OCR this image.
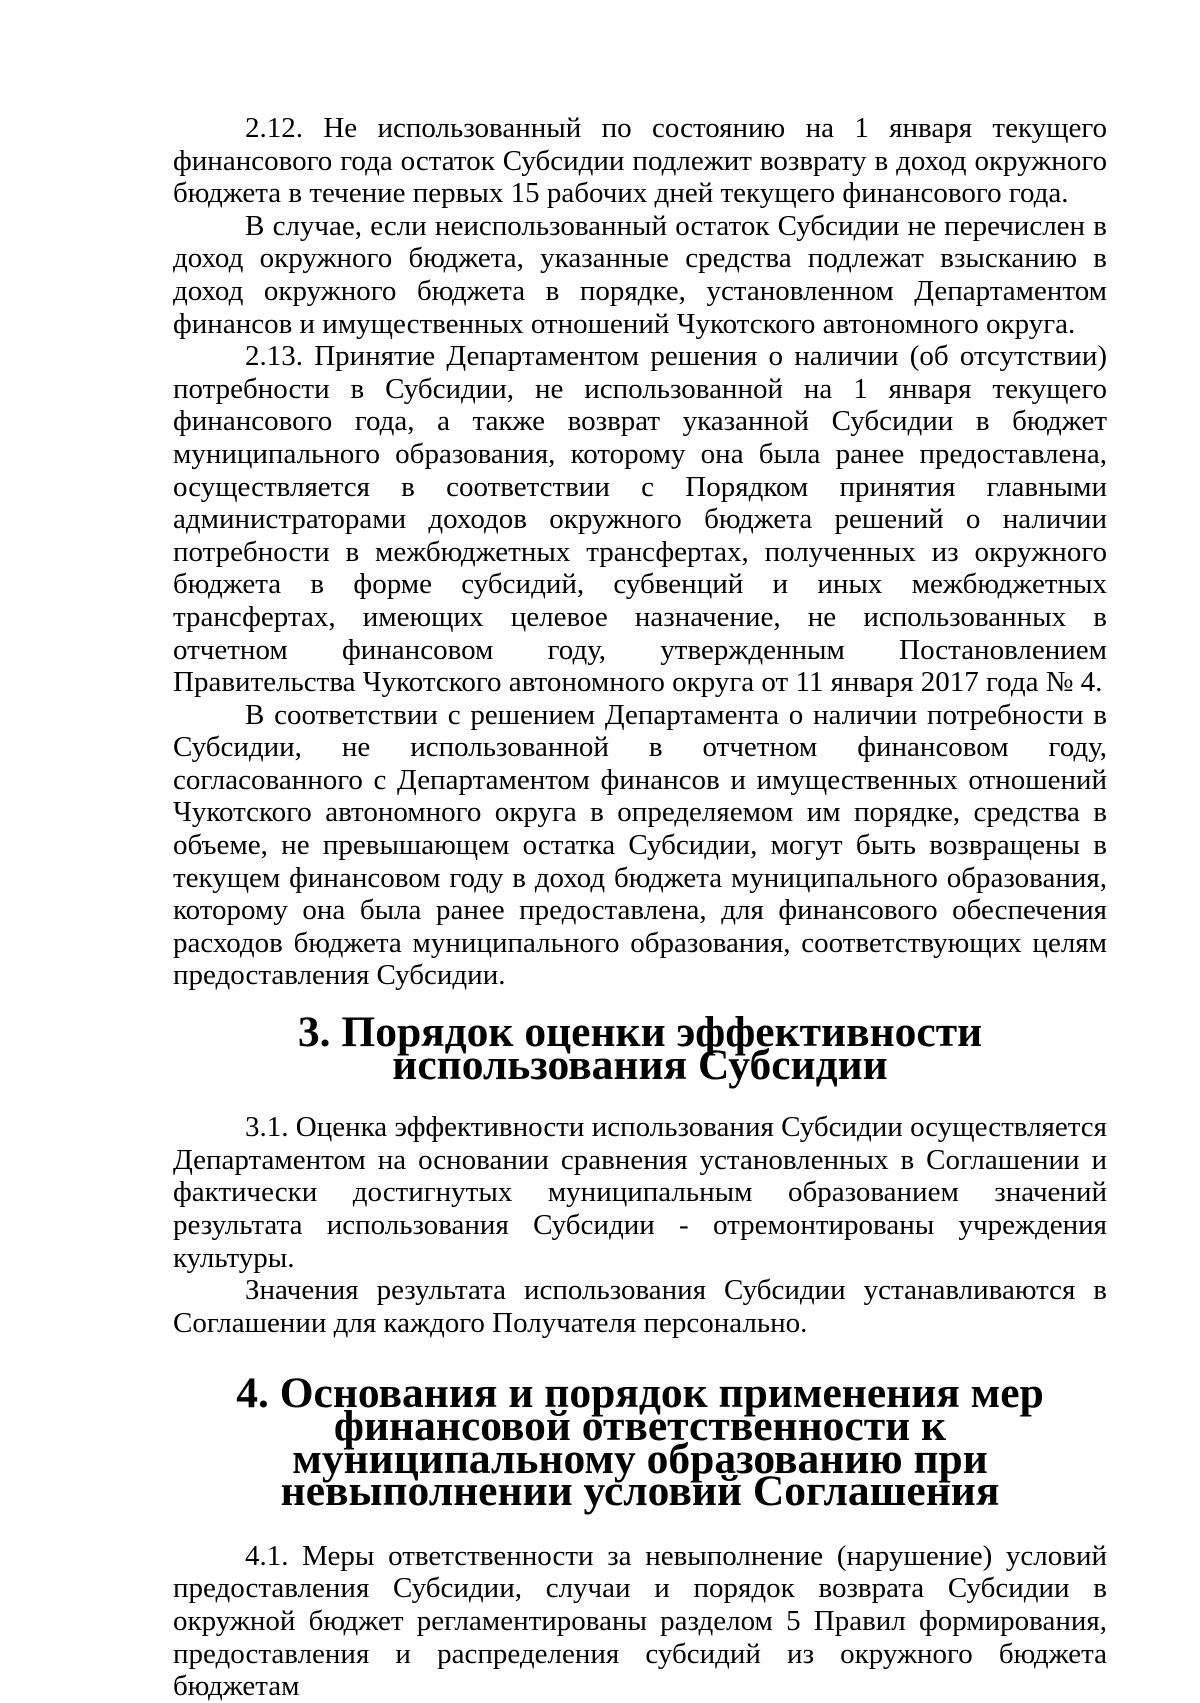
2.12. Не использованный по состоянию на 1 января текущего финансового года остаток Субсидии подлежит возврату в доход окружного бюджета в течение первых 15 рабочих дней текущего финансового года.

В случае, если неиспользованный остаток Субсидии не перечислен в доход окружного бюджета, указанные средства подлежат взысканию в доход окружного бюджета в порядке, установленном Департаментом финансов и имущественных отношений Чукотского автономного округа.

2.13. Принятие Департаментом решения о наличии (об отсутствии) потребности в Субсидии, не использованной на 1 января текущего финансового года, а также возврат указанной Субсидии в бюджет муниципального образования, которому она была ранее предоставлена, осуществляется в соответствии с Порядком принятия главными администраторами доходов окружного бюджета решений о наличии потребности в межбюджетных трансфертах, полученных из окружного бюджета в форме субсидий, субвенций и иных межбюджетных трансфертах, имеющих целевое назначение, не использованных в отчетном финансовом году, утвержденным Постановлением Правительства Чукотского автономного округа от 11 января 2017 года № 4.

В соответствии с решением Департамента о наличии потребности в Субсидии, не использованной в отчетном финансовом году, согласованного с Департаментом финансов и имущественных отношений Чукотского автономного округа в определяемом им порядке, средства в объеме, не превышающем остатка Субсидии, могут быть возвращены в текущем финансовом году в доход бюджета муниципального образования, которому она была ранее предоставлена, для финансового обеспечения расходов бюджета муниципального образования, соответствующих целям предоставления Субсидии.

3. Порядок оценки эффективности использования Субсидии

3.1. Оценка эффективности использования Субсидии осуществляется Департаментом на основании сравнения установленных в Соглашении и фактически достигнутых муниципальным образованием значений результата использования Субсидии - отремонтированы учреждения культуры.

Значения результата использования Субсидии устанавливаются в Соглашении для каждого Получателя персонально.

4. Основания и порядок применения мер финансовой ответственности к муниципальному образованию при невыполнении условий Соглашения

4.1. Меры ответственности за невыполнение (нарушение) условий предоставления Субсидии, случаи и порядок возврата Субсидии в окружной бюджет регламентированы разделом 5 Правил формирования, предоставления и распределения субсидий из окружного бюджета бюджетам
